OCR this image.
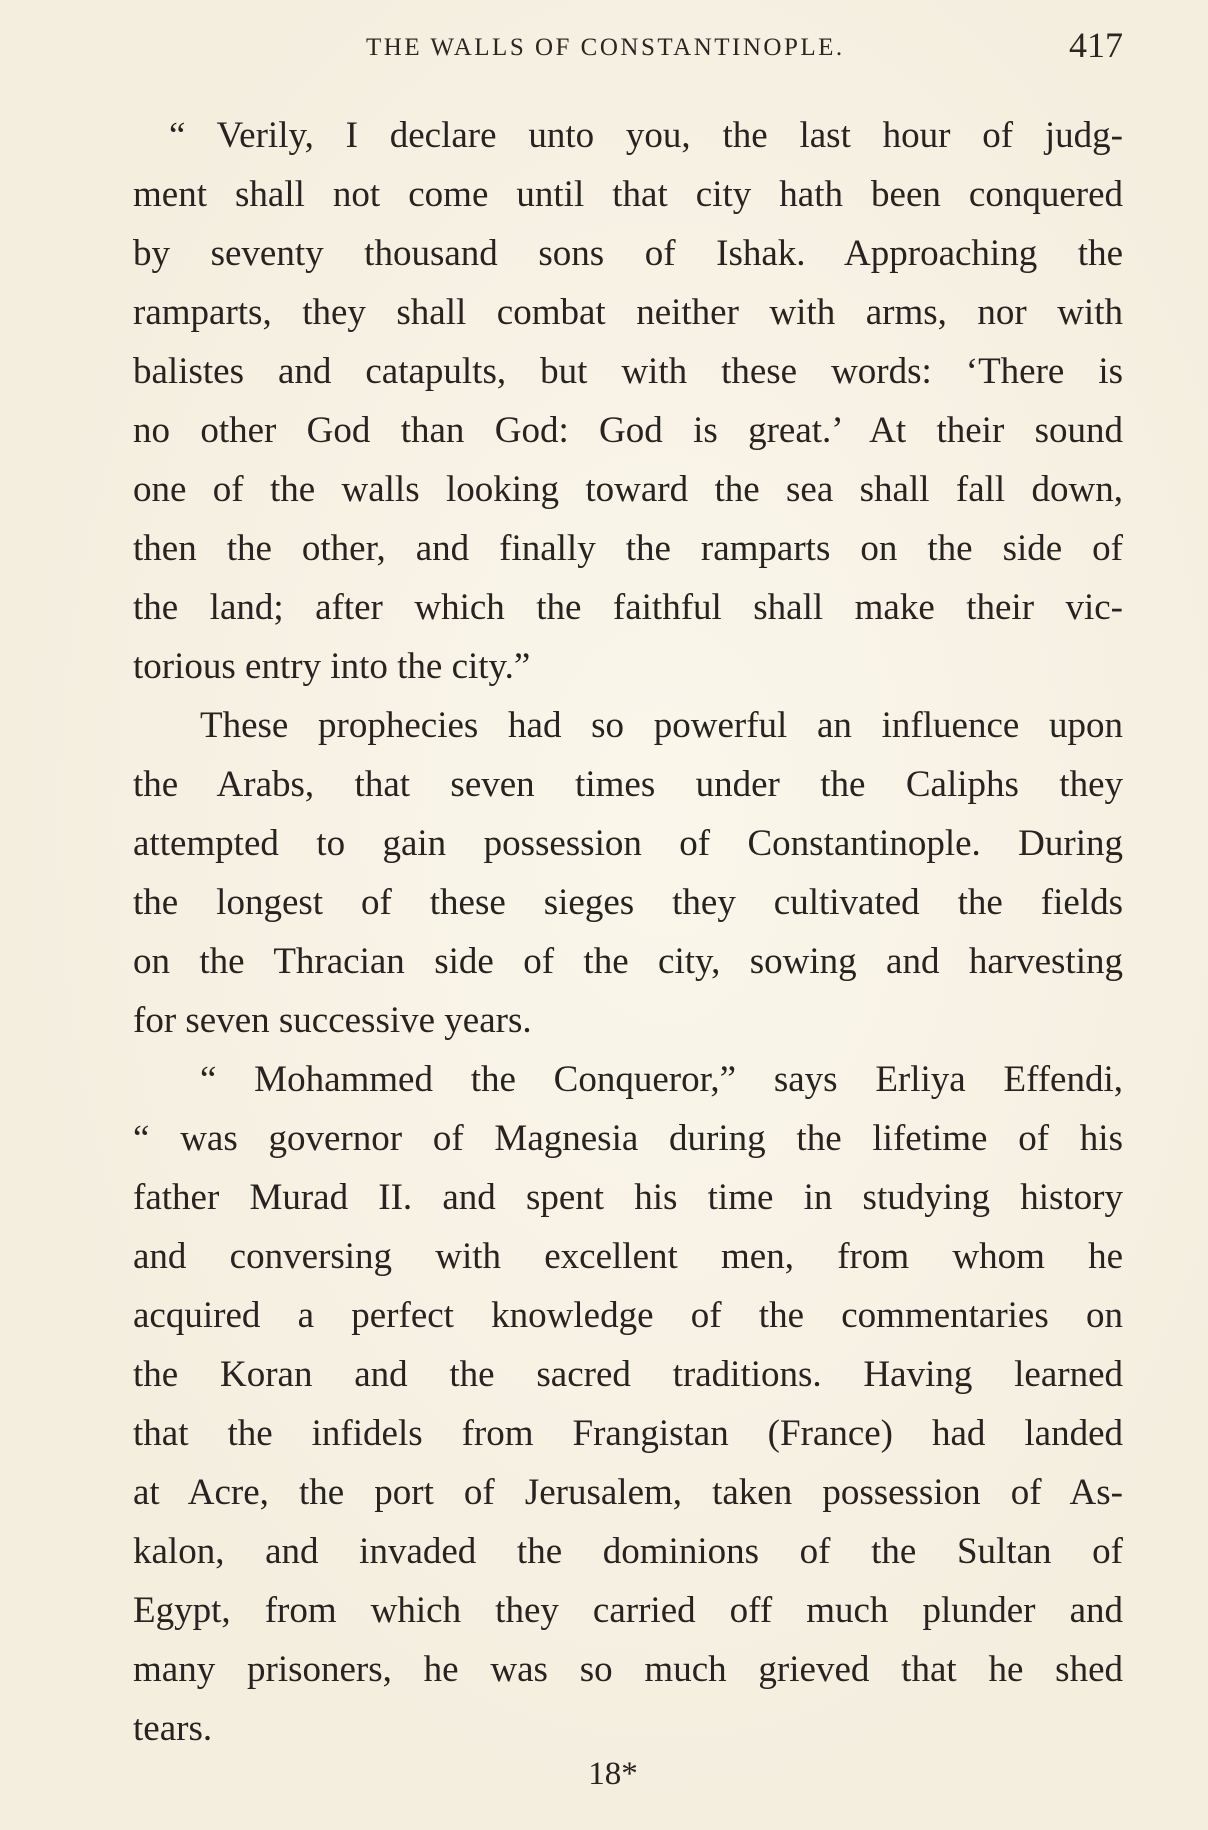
THE WALLS OF CONSTANTINOPLE.	417
“ Verily, I declare unto you, the last hour of judg-
ment shall not come until that city hath been conquered
by seventy thousand sons of Ishak. Approaching the
ramparts, they shall combat neither with arms, nor with
balistes and catapults, but with these words: ‘There is
no other God than God: God is great.’ At their sound
one of the walls looking toward the sea shall fall down,
then the other, and finally the ramparts on the side of
the land; after which the faithful shall make their vic-
torious entry into the city.”
These prophecies had so powerful an influence upon
the Arabs, that seven times under the Caliphs they
attempted to gain possession of Constantinople. During
the longest of these sieges they cultivated the fields
on the Thracian side of the city, sowing and harvesting
for seven successive years.
“ Mohammed the Conqueror,” says Erliya Effendi,
“ was governor of Magnesia during the lifetime of his
father Murad II. and spent his time in studying history
and conversing with excellent men, from whom he
acquired a perfect knowledge of the commentaries on
the Koran and the sacred traditions. Having learned
that the infidels from Frangistan (France) had landed
at Acre, the port of Jerusalem, taken possession of As-
kalon, and invaded the dominions of the Sultan of
Egypt, from which they carried off much plunder and
many prisoners, he was so much grieved that he shed
tears.
18*
